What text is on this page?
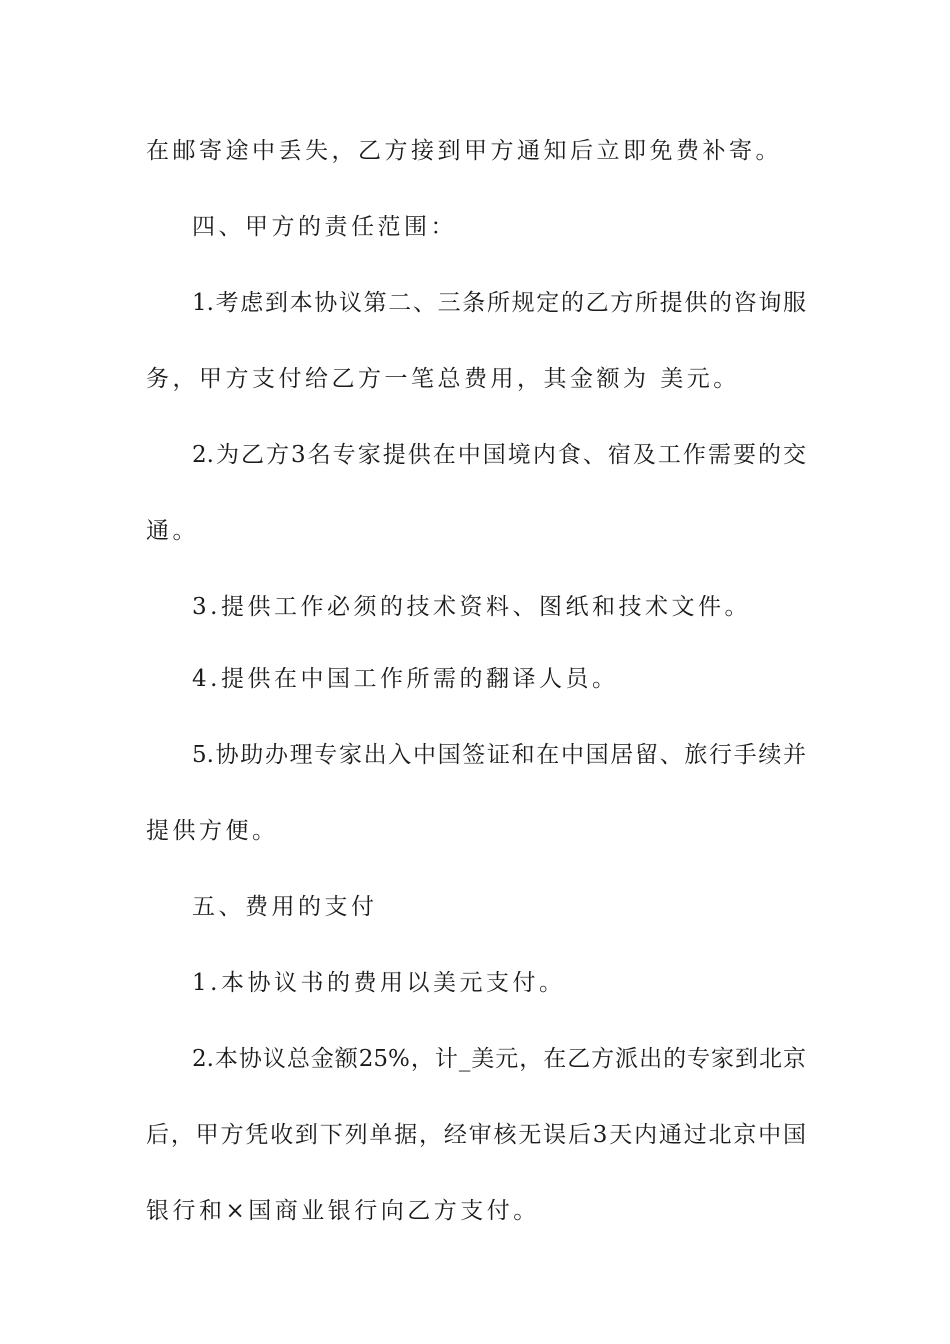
在邮寄途中丢失，乙方接到甲方通知后立即免费补寄。
四、甲方的责任范围：
1.考虑到本协议第二、三条所规定的乙方所提供的咨询服
务，甲方支付给乙方一笔总费用，其金额为 美元。
2.为乙方3名专家提供在中国境内食、宿及工作需要的交
通。
3.提供工作必须的技术资料、图纸和技术文件。
4.提供在中国工作所需的翻译人员。
5.协助办理专家出入中国签证和在中国居留、旅行手续并
提供方便。
五、费用的支付
1.本协议书的费用以美元支付。
2.本协议总金额25%，计_美元，在乙方派出的专家到北京
后，甲方凭收到下列单据，经审核无误后3天内通过北京中国
银行和×国商业银行向乙方支付。
